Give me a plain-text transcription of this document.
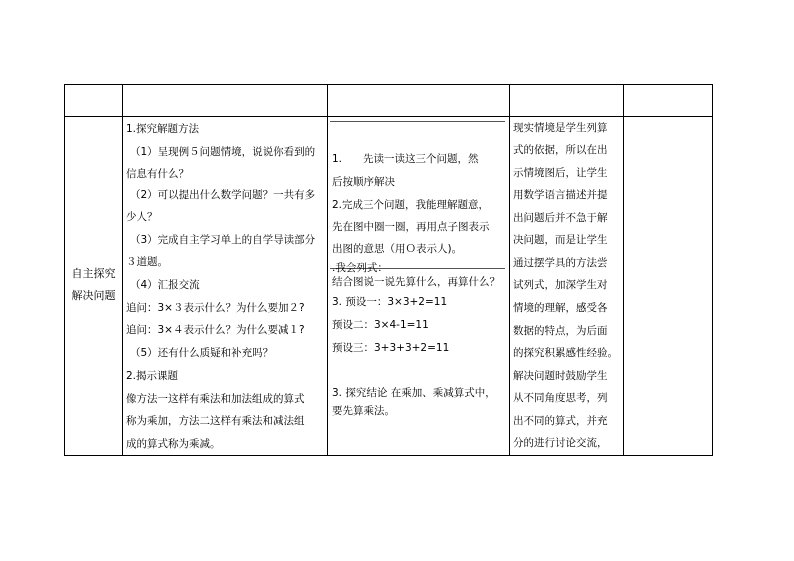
自主探究
解决问题
1.探究解题方法
（1）呈现例５问题情境，说说你看到的
信息有什么？
（2）可以提出什么数学问题？一共有多
少人？
（3）完成自主学习单上的自学导读部分
３道题。
（4）汇报交流
追问：3×３表示什么？为什么要加２?
追问：3×４表示什么？为什么要减１?
（5）还有什么质疑和补充吗？
2.揭示课题
像方法一这样有乘法和加法组成的算式
称为乘加，方法二这样有乘法和减法组
成的算式称为乘减。
1.　　先读一读这三个问题，然
后按顺序解决
2.完成三个问题，我能理解题意，
先在图中圈一圈，再用点子图表示
出图的意思（用Ｏ表示人)。
.我会列式：
结合图说一说先算什么，再算什么？
3. 预设一：3×3+2=11
预设二：3×4-1=11
预设三：3+3+3+2=11
3. 探究结论 在乘加、乘减算式中，
要先算乘法。
现实情境是学生列算
式的依据，所以在出
示情境图后，让学生
用数学语言描述并提
出问题后并不急于解
决问题，而是让学生
通过摆学具的方法尝
试列式，加深学生对
情境的理解，感受各
数据的特点，为后面
的探究积累感性经验。
解决问题时鼓励学生
从不同角度思考，列
出不同的算式，并充
分的进行讨论交流，
